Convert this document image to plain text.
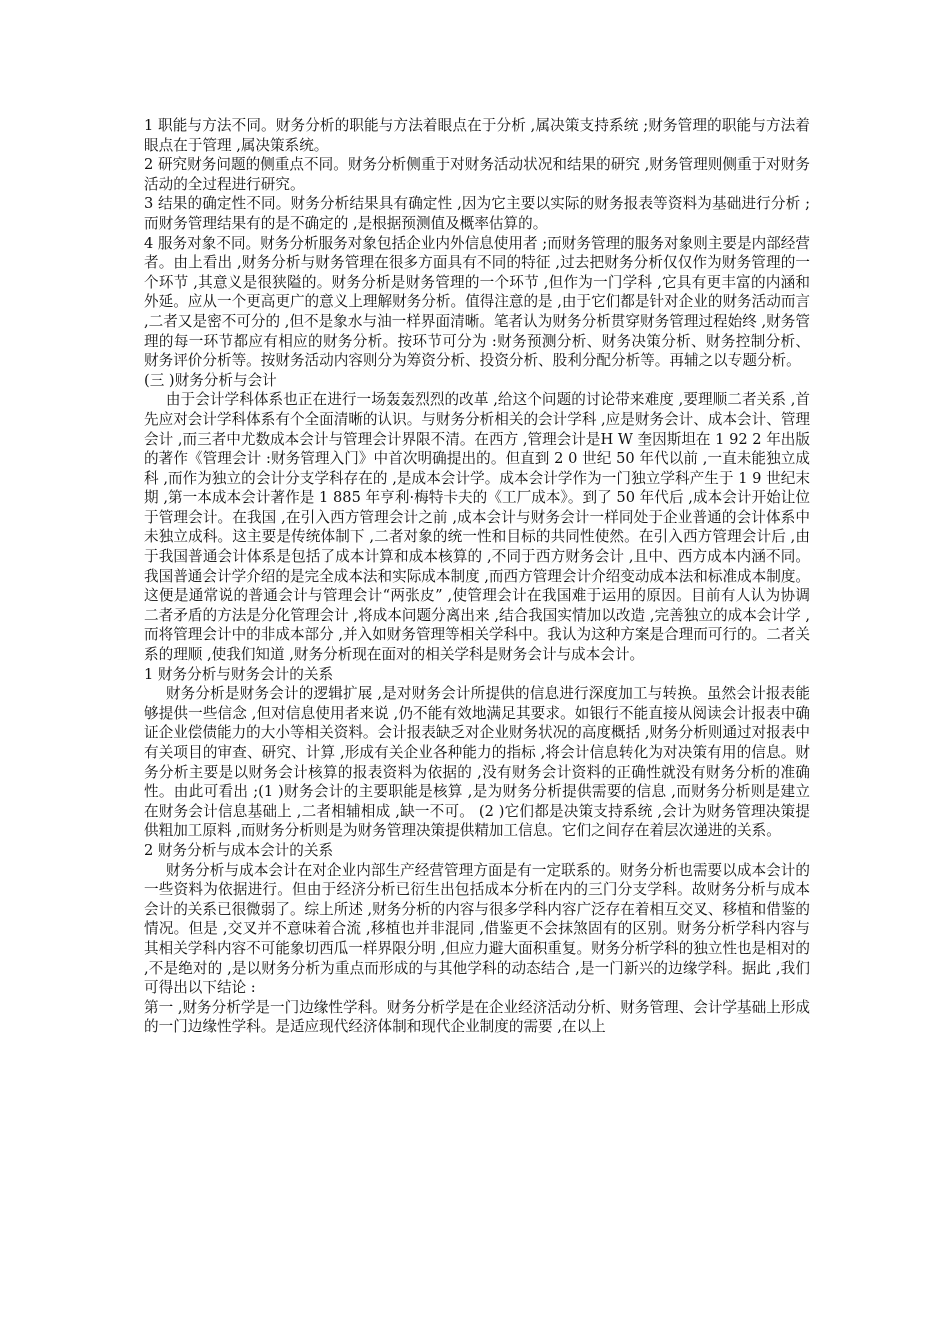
1 职能与方法不同。财务分析的职能与方法着眼点在于分析 ,属决策支持系统 ;财务管理的职能与方法着眼点在于管理 ,属决策系统。

2 研究财务问题的侧重点不同。财务分析侧重于对财务活动状况和结果的研究 ,财务管理则侧重于对财务活动的全过程进行研究。

3 结果的确定性不同。财务分析结果具有确定性 ,因为它主要以实际的财务报表等资料为基础进行分析 ;而财务管理结果有的是不确定的 ,是根据预测值及概率估算的。

4 服务对象不同。财务分析服务对象包括企业内外信息使用者 ;而财务管理的服务对象则主要是内部经营者。由上看出 ,财务分析与财务管理在很多方面具有不同的特征 ,过去把财务分析仅仅作为财务管理的一个环节 ,其意义是很狭隘的。财务分析是财务管理的一个环节 ,但作为一门学科 ,它具有更丰富的内涵和外延。应从一个更高更广的意义上理解财务分析。值得注意的是 ,由于它们都是针对企业的财务活动而言 ,二者又是密不可分的 ,但不是象水与油一样界面清晰。笔者认为财务分析贯穿财务管理过程始终 ,财务管理的每一环节都应有相应的财务分析。按环节可分为 :财务预测分析、财务决策分析、财务控制分析、财务评价分析等。按财务活动内容则分为筹资分析、投资分析、股利分配分析等。再辅之以专题分析。

(三 )财务分析与会计

由于会计学科体系也正在进行一场轰轰烈烈的改革 ,给这个问题的讨论带来难度 ,要理顺二者关系 ,首先应对会计学科体系有个全面清晰的认识。与财务分析相关的会计学科 ,应是财务会计、成本会计、管理会计 ,而三者中尤数成本会计与管理会计界限不清。在西方 ,管理会计是H W 奎因斯坦在 1 92 2 年出版的著作《管理会计 :财务管理入门》中首次明确提出的。但直到 2 0 世纪 50 年代以前 ,一直未能独立成科 ,而作为独立的会计分支学科存在的 ,是成本会计学。成本会计学作为一门独立学科产生于 1 9 世纪末期 ,第一本成本会计著作是 1 885 年亨利·梅特卡夫的《工厂成本》。到了 50 年代后 ,成本会计开始让位于管理会计。在我国 ,在引入西方管理会计之前 ,成本会计与财务会计一样同处于企业普通的会计体系中未独立成科。这主要是传统体制下 ,二者对象的统一性和目标的共同性使然。在引入西方管理会计后 ,由于我国普通会计体系是包括了成本计算和成本核算的 ,不同于西方财务会计 ,且中、西方成本内涵不同。我国普通会计学介绍的是完全成本法和实际成本制度 ,而西方管理会计介绍变动成本法和标准成本制度。这便是通常说的普通会计与管理会计“两张皮” ,使管理会计在我国难于运用的原因。目前有人认为协调二者矛盾的方法是分化管理会计 ,将成本问题分离出来 ,结合我国实情加以改造 ,完善独立的成本会计学 ,而将管理会计中的非成本部分 ,并入如财务管理等相关学科中。我认为这种方案是合理而可行的。二者关系的理顺 ,使我们知道 ,财务分析现在面对的相关学科是财务会计与成本会计。

1 财务分析与财务会计的关系

财务分析是财务会计的逻辑扩展 ,是对财务会计所提供的信息进行深度加工与转换。虽然会计报表能够提供一些信念 ,但对信息使用者来说 ,仍不能有效地满足其要求。如银行不能直接从阅读会计报表中确证企业偿债能力的大小等相关资料。会计报表缺乏对企业财务状况的高度概括 ,财务分析则通过对报表中有关项目的审查、研究、计算 ,形成有关企业各种能力的指标 ,将会计信息转化为对决策有用的信息。财务分析主要是以财务会计核算的报表资料为依据的 ,没有财务会计资料的正确性就没有财务分析的准确性。由此可看出 ;(1 )财务会计的主要职能是核算 ,是为财务分析提供需要的信息 ,而财务分析则是建立在财务会计信息基础上 ,二者相辅相成 ,缺一不可。 (2 )它们都是决策支持系统 ,会计为财务管理决策提供粗加工原料 ,而财务分析则是为财务管理决策提供精加工信息。它们之间存在着层次递进的关系。

2 财务分析与成本会计的关系

财务分析与成本会计在对企业内部生产经营管理方面是有一定联系的。财务分析也需要以成本会计的一些资料为依据进行。但由于经济分析已衍生出包括成本分析在内的三门分支学科。故财务分析与成本会计的关系已很微弱了。综上所述 ,财务分析的内容与很多学科内容广泛存在着相互交叉、移植和借鉴的情况。但是 ,交叉并不意味着合流 ,移植也并非混同 ,借鉴更不会抹煞固有的区别。财务分析学科内容与其相关学科内容不可能象切西瓜一样界限分明 ,但应力避大面积重复。财务分析学科的独立性也是相对的 ,不是绝对的 ,是以财务分析为重点而形成的与其他学科的动态结合 ,是一门新兴的边缘学科。据此 ,我们可得出以下结论 :

第一 ,财务分析学是一门边缘性学科。财务分析学是在企业经济活动分析、财务管理、会计学基础上形成的一门边缘性学科。是适应现代经济体制和现代企业制度的需要 ,在以上
